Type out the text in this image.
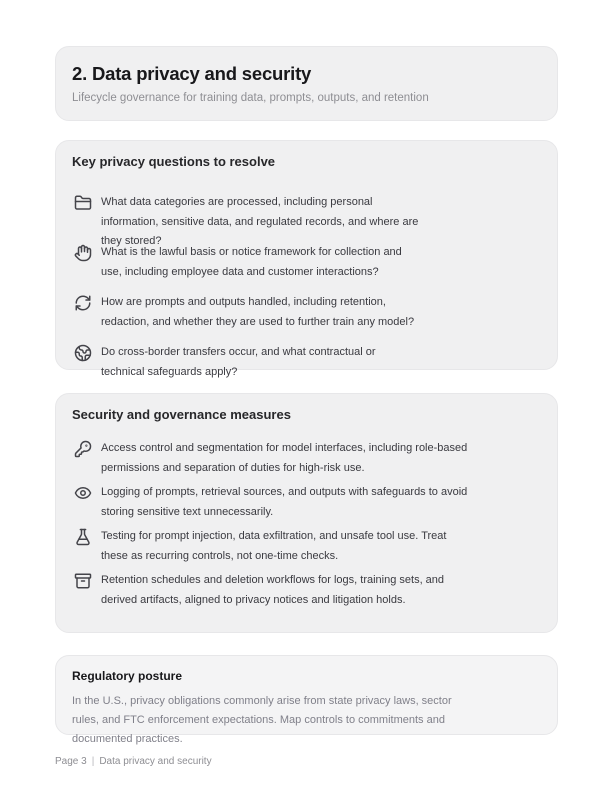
2. Data privacy and security

Lifecycle governance for training data, prompts, outputs, and retention

Key privacy questions to resolve
What data categories are processed, including personal
information, sensitive data, and regulated records, and where are
they stored?
What is the lawful basis or notice framework for collection and
use, including employee data and customer interactions?
How are prompts and outputs handled, including retention,
redaction, and whether they are used to further train any model?
Do cross-border transfers occur, and what contractual or
technical safeguards apply?
Security and governance measures
Access control and segmentation for model interfaces, including role-based
permissions and separation of duties for high-risk use.
Logging of prompts, retrieval sources, and outputs with safeguards to avoid
storing sensitive text unnecessarily.
Testing for prompt injection, data exfiltration, and unsafe tool use. Treat
these as recurring controls, not one-time checks.
Retention schedules and deletion workflows for logs, training sets, and
derived artifacts, aligned to privacy notices and litigation holds.
Regulatory posture
In the U.S., privacy obligations commonly arise from state privacy laws, sector
rules, and FTC enforcement expectations. Map controls to commitments and
documented practices.
Page 3 | Data privacy and security
